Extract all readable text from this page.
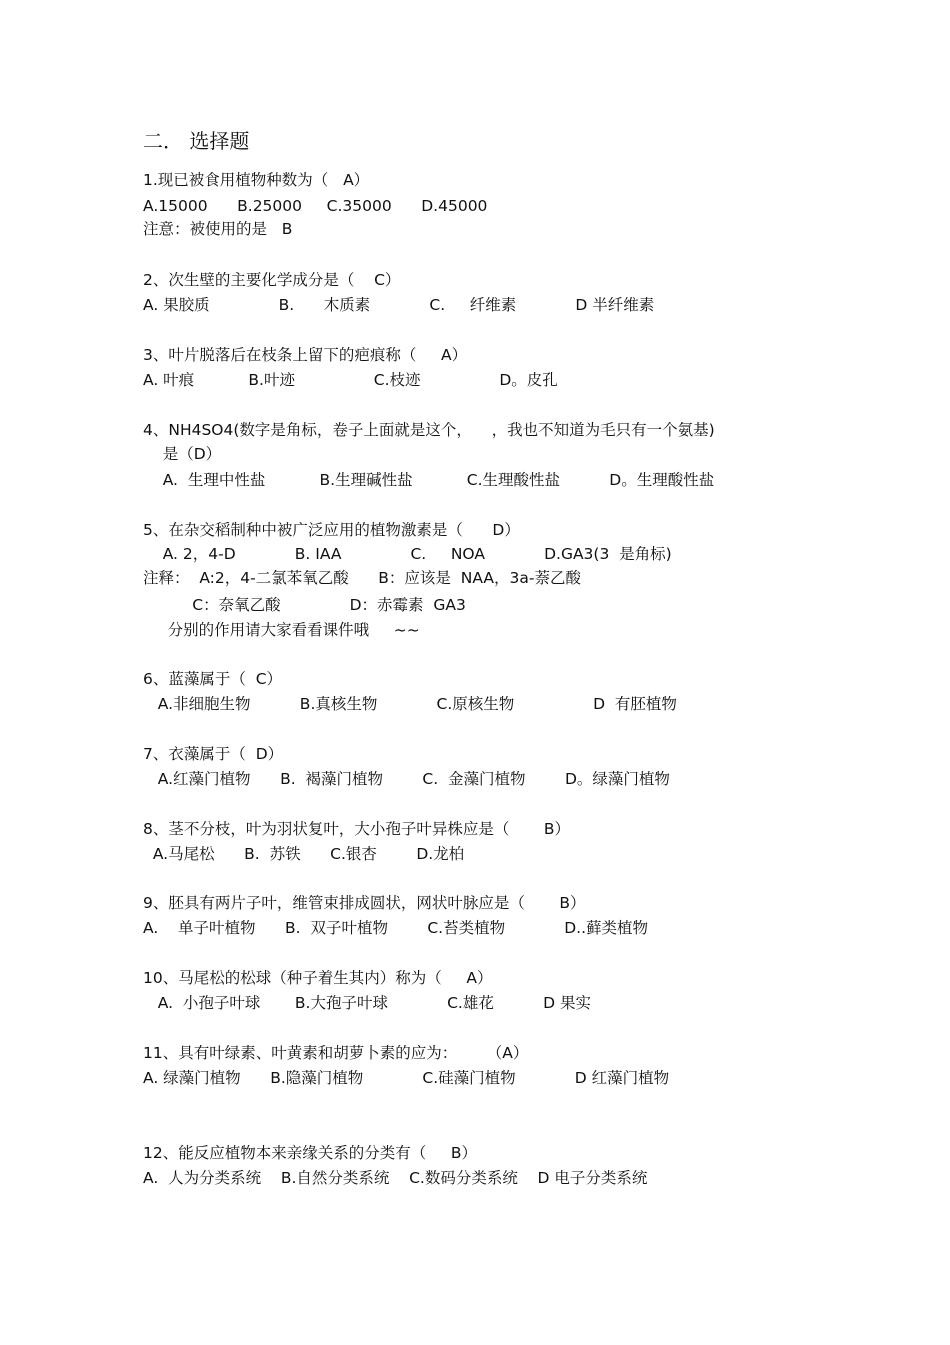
二． 选择题
1.现已被食用植物种数为（   A）
A.15000      B.25000     C.35000      D.45000
注意：被使用的是   B
2、次生壁的主要化学成分是（    C）
A. 果胶质              B.      木质素            C.     纤维素            D 半纤维素
3、叶片脱落后在枝条上留下的疤痕称（     A）
A. 叶痕           B.叶迹                C.枝迹                D。皮孔
4、NH4SO4(数字是角标，卷子上面就是这个，    ，我也不知道为毛只有一个氨基)
是（D）
A.  生理中性盐           B.生理碱性盐           C.生理酸性盐          D。生理酸性盐
5、在杂交稻制种中被广泛应用的植物激素是（      D）
A. 2，4-D            B. IAA              C.     NOA            D.GA3(3  是角标)
注释：  A:2，4-二氯苯氧乙酸      B：应该是  NAA，3a-萘乙酸
C：奈氧乙酸              D：赤霉素  GA3
分别的作用请大家看看课件哦     ~~
6、蓝藻属于（  C）
A.非细胞生物          B.真核生物            C.原核生物                D  有胚植物
7、衣藻属于（  D）
A.红藻门植物      B.  褐藻门植物        C.  金藻门植物        D。绿藻门植物
8、茎不分枝，叶为羽状复叶，大小孢子叶异株应是（       B）
A.马尾松      B.  苏铁      C.银杏        D.龙柏
9、胚具有两片子叶，维管束排成圆状，网状叶脉应是（       B）
A.    单子叶植物      B.  双子叶植物        C.苔类植物            D..藓类植物
10、马尾松的松球（种子着生其内）称为（     A）
A.  小孢子叶球       B.大孢子叶球            C.雄花          D 果实
11、具有叶绿素、叶黄素和胡萝卜素的应为：      （A）
A. 绿藻门植物      B.隐藻门植物            C.硅藻门植物            D 红藻门植物
12、能反应植物本来亲缘关系的分类有（     B）
A.  人为分类系统    B.自然分类系统    C.数码分类系统    D 电子分类系统
